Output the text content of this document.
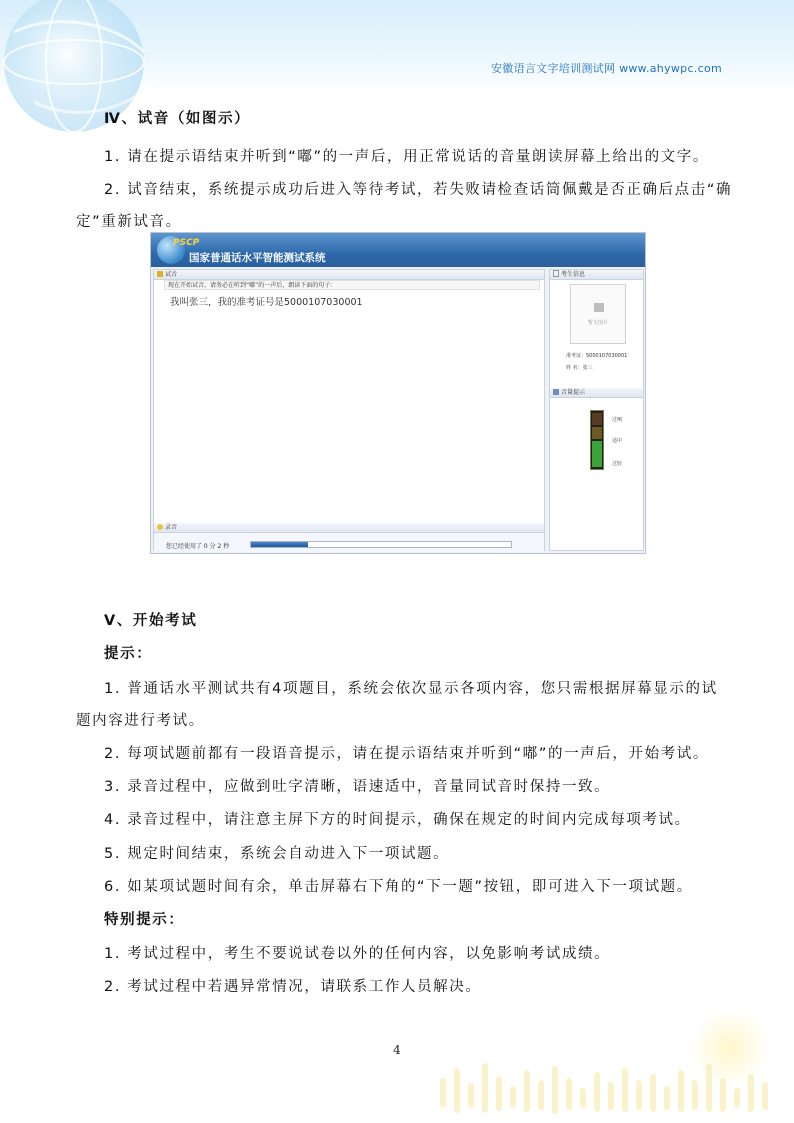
安徽语言文字培训测试网 www.ahywpc.com
Ⅳ、试音（如图示）
1. 请在提示语结束并听到“嘟”的一声后，用正常说话的音量朗读屏幕上给出的文字。
2. 试音结束，系统提示成功后进入等待考试，若失败请检查话筒佩戴是否正确后点击“确
定”重新试音。
PSCP
国家普通话水平智能测试系统
试音
现在开始试音，请务必在听到“嘟”的一声后，朗读下面的句子：
我叫张三，我的准考证号是5000107030001
录音
您已经使用了 0 分 2 秒
考生信息
暂无图片
准考证：5000107030001
姓 名：张三
音量提示
过响
适中
过轻
Ⅴ、开始考试
提示：
1. 普通话水平测试共有4项题目，系统会依次显示各项内容，您只需根据屏幕显示的试
题内容进行考试。
2. 每项试题前都有一段语音提示，请在提示语结束并听到“嘟”的一声后，开始考试。
3. 录音过程中，应做到吐字清晰，语速适中，音量同试音时保持一致。
4. 录音过程中，请注意主屏下方的时间提示，确保在规定的时间内完成每项考试。
5. 规定时间结束，系统会自动进入下一项试题。
6. 如某项试题时间有余，单击屏幕右下角的“下一题”按钮，即可进入下一项试题。
特别提示：
1. 考试过程中，考生不要说试卷以外的任何内容，以免影响考试成绩。
2. 考试过程中若遇异常情况，请联系工作人员解决。
4
